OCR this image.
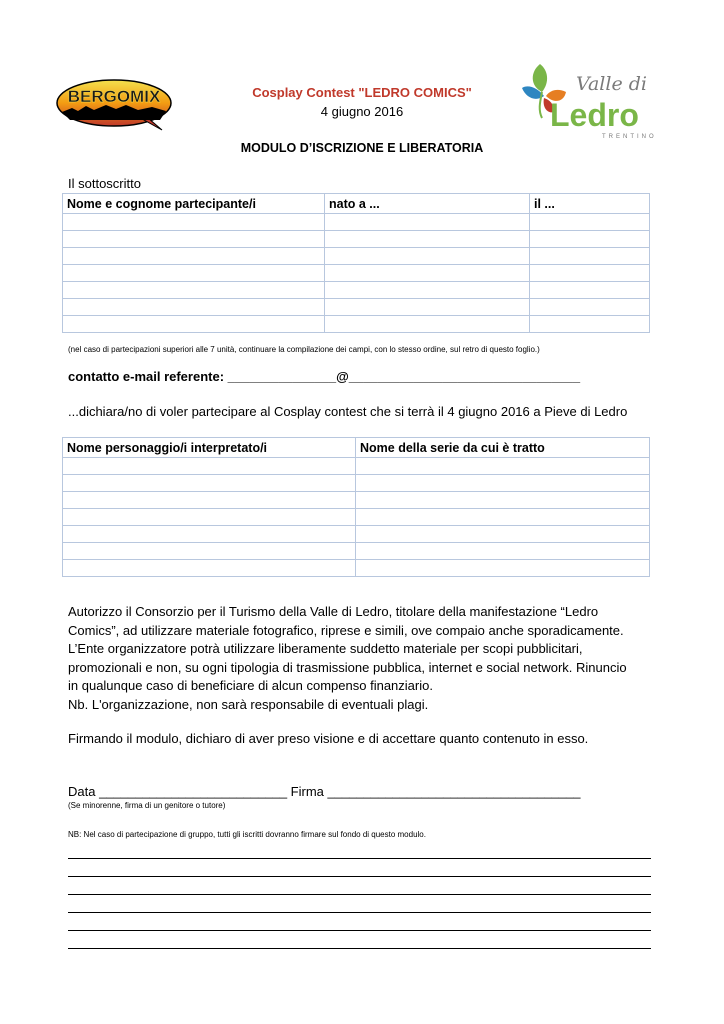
BERGOMIX
Valle di
Ledro
TRENTINO
Cosplay Contest "LEDRO COMICS"
4 giugno 2016
MODULO D’ISCRIZIONE E LIBERATORIA
Il sottoscritto
Nome e cognome partecipante/i	nato a ...	il ...

(nel caso di partecipazioni superiori alle 7 unità, continuare la compilazione dei campi, con lo stesso ordine, sul retro di questo foglio.)
contatto e-mail referente: _______________@________________________________
...dichiara/no di voler partecipare al Cosplay contest che si terrà il 4 giugno 2016 a Pieve di Ledro
Nome personaggio/i interpretato/i	Nome della serie da cui è tratto

Autorizzo il Consorzio per il Turismo della Valle di Ledro, titolare della manifestazione “Ledro
Comics”, ad utilizzare materiale fotografico, riprese e simili, ove compaio anche sporadicamente.
L’Ente organizzatore potrà utilizzare liberamente suddetto materiale per scopi pubblicitari,
promozionali e non, su ogni tipologia di trasmissione pubblica, internet e social network. Rinuncio
in qualunque caso di beneficiare di alcun compenso finanziario.
Nb. L'organizzazione, non sarà responsabile di eventuali plagi.
Firmando il modulo, dichiaro di aver preso visione e di accettare quanto contenuto in esso.
Data __________________________ Firma ___________________________________
(Se minorenne, firma di un genitore o tutore)
NB: Nel caso di partecipazione di gruppo, tutti gli iscritti dovranno firmare sul fondo di questo modulo.
